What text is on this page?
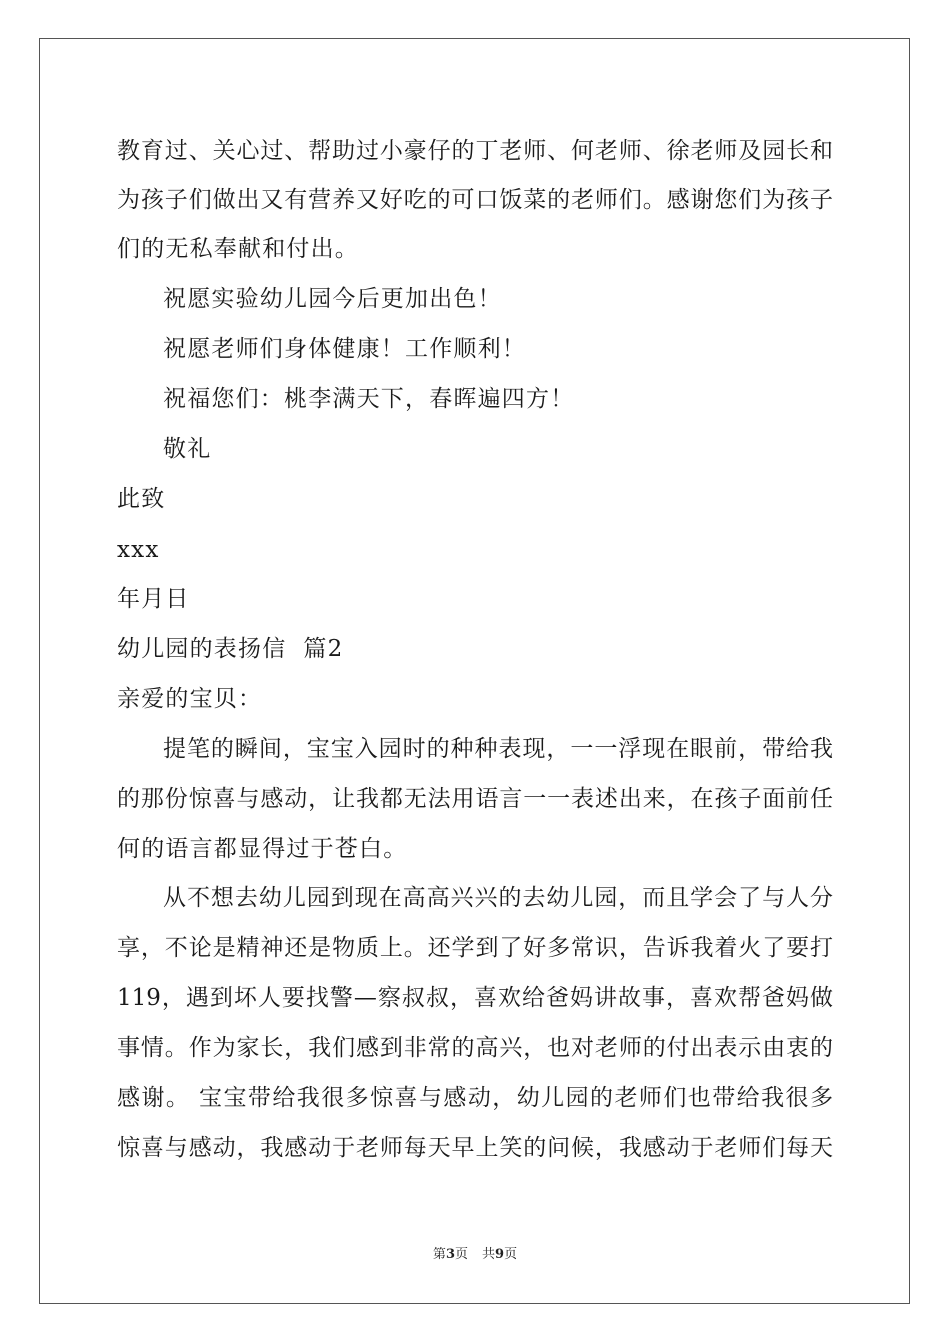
教育过、关心过、帮助过小豪仔的丁老师、何老师、徐老师及园长和
为孩子们做出又有营养又好吃的可口饭菜的老师们。感谢您们为孩子
们的无私奉献和付出。
祝愿实验幼儿园今后更加出色！
祝愿老师们身体健康！工作顺利！
祝福您们：桃李满天下，春晖遍四方！
敬礼
此致
xxx
年月日
幼儿园的表扬信  篇2
亲爱的宝贝：
提笔的瞬间，宝宝入园时的种种表现，一一浮现在眼前，带给我
的那份惊喜与感动，让我都无法用语言一一表述出来，在孩子面前任
何的语言都显得过于苍白。
从不想去幼儿园到现在高高兴兴的去幼儿园，而且学会了与人分
享，不论是精神还是物质上。还学到了好多常识，告诉我着火了要打
119，遇到坏人要找警—察叔叔，喜欢给爸妈讲故事，喜欢帮爸妈做
事情。作为家长，我们感到非常的高兴，也对老师的付出表示由衷的
感谢。 宝宝带给我很多惊喜与感动，幼儿园的老师们也带给我很多
惊喜与感动，我感动于老师每天早上笑的问候，我感动于老师们每天
第3页 共9页
